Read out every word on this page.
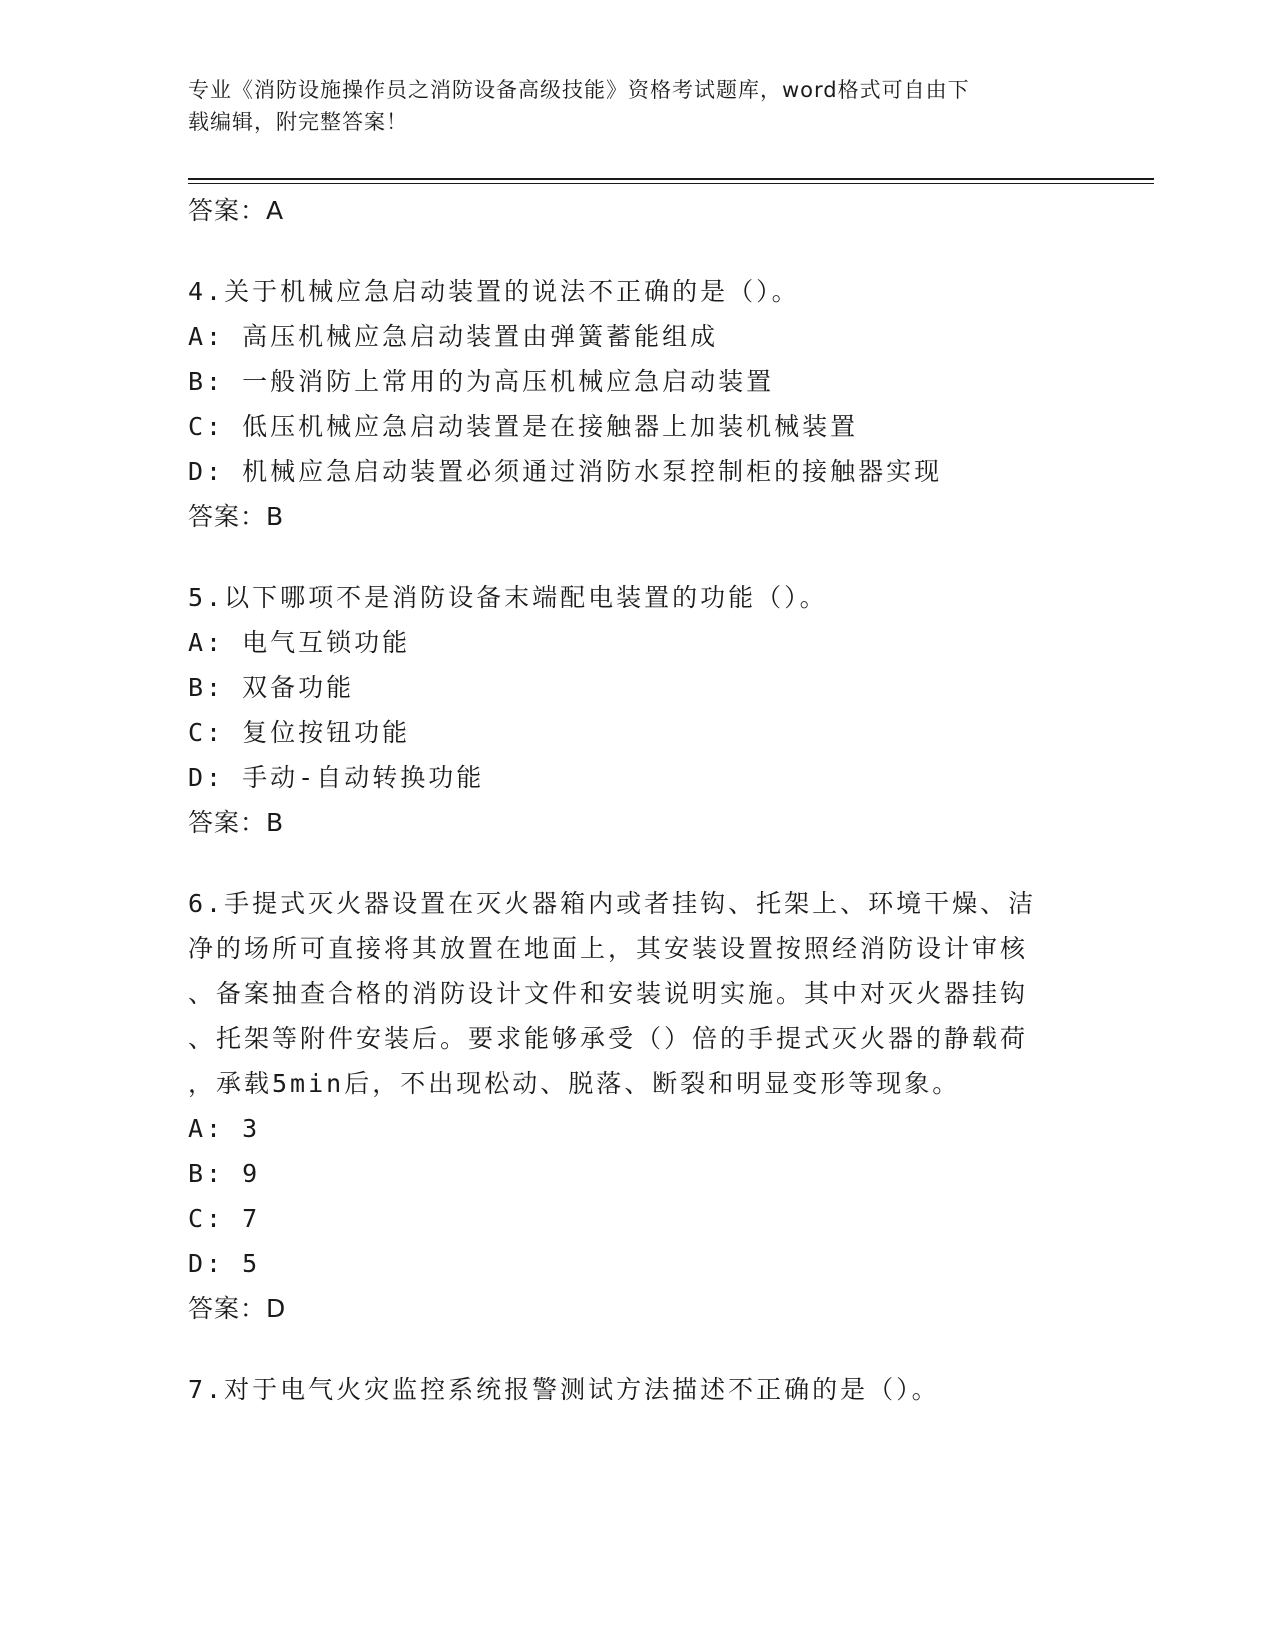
专业《消防设施操作员之消防设备高级技能》资格考试题库，word格式可自由下
载编辑，附完整答案！
答案：A
4.关于机械应急启动装置的说法不正确的是（）。
A: 高压机械应急启动装置由弹簧蓄能组成
B: 一般消防上常用的为高压机械应急启动装置
C: 低压机械应急启动装置是在接触器上加装机械装置
D: 机械应急启动装置必须通过消防水泵控制柜的接触器实现
答案：B
5.以下哪项不是消防设备末端配电装置的功能（）。
A: 电气互锁功能
B: 双备功能
C: 复位按钮功能
D: 手动-自动转换功能
答案：B
6.手提式灭火器设置在灭火器箱内或者挂钩、托架上、环境干燥、洁
净的场所可直接将其放置在地面上，其安装设置按照经消防设计审核
、备案抽查合格的消防设计文件和安装说明实施。其中对灭火器挂钩
、托架等附件安装后。要求能够承受（）倍的手提式灭火器的静载荷
，承载5min后，不出现松动、脱落、断裂和明显变形等现象。
A: 3
B: 9
C: 7
D: 5
答案：D
7.对于电气火灾监控系统报警测试方法描述不正确的是（）。
